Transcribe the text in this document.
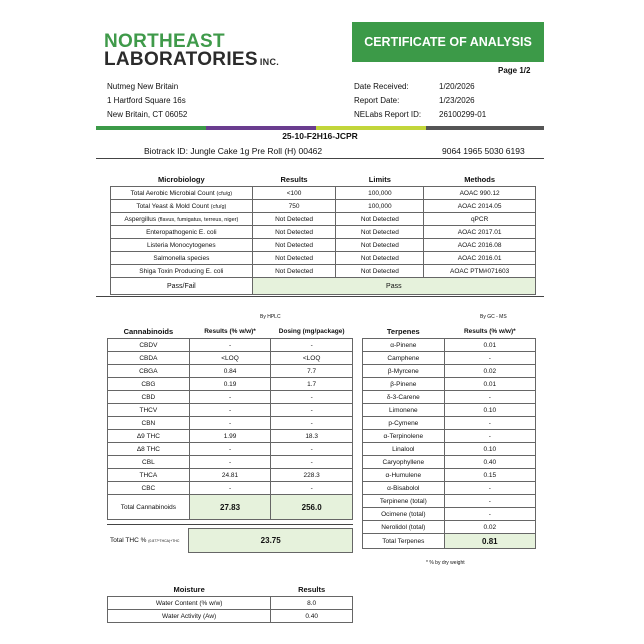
NORTHEAST
LABORATORIES INC.
CERTIFICATE OF ANALYSIS
Page 1/2
Nutmeg New Britain
1 Hartford Square 16s
New Britain, CT 06052
Date Received:	1/20/2026
Report Date:	1/23/2026
NELabs Report ID:	26100299-01
25-10-F2H16-JCPR
Biotrack ID: Jungle Cake 1g Pre Roll (H) 00462	9064 1965 5030 6193
Microbiology	Results	Limits	Methods
Total Aerobic Microbial Count (cfu/g)	<100	100,000	AOAC 990.12
Total Yeast & Mold Count (cfu/g)	750	100,000	AOAC 2014.05
Aspergillus (flavus, fumigatus, terreus, niger)	Not Detected	Not Detected	qPCR
Enteropathogenic E. coli	Not Detected	Not Detected	AOAC 2017.01
Listeria Monocytogenes	Not Detected	Not Detected	AOAC 2016.08
Salmonella species	Not Detected	Not Detected	AOAC 2016.01
Shiga Toxin Producing E. coli	Not Detected	Not Detected	AOAC PTM#071603
Pass/Fail	Pass		
By HPLC
Cannabinoids	Results (% w/w)*	Dosing (mg/package)
CBDV	-	-
CBDA	<LOQ	<LOQ
CBGA	0.84	7.7
CBG	0.19	1.7
CBD	-	-
THCV	-	-
CBN	-	-
Δ9 THC	1.99	18.3
Δ8 THC	-	-
CBL	-	-
THCA	24.81	228.3
CBC	-	-
Total Cannabinoids	27.83	256.0
Total THC % (0.877*THCA)+THC	23.75
By GC - MS
Terpenes	Results (% w/w)*
α-Pinene	0.01
Camphene	-
β-Myrcene	0.02
β-Pinene	0.01
δ-3-Carene	-
Limonene	0.10
p-Cymene	-
α-Terpinolene	-
Linalool	0.10
Caryophyllene	0.40
α-Humulene	0.15
α-Bisabolol	-
Terpinene (total)	-
Ocimene (total)	-
Nerolidol (total)	0.02
Total Terpenes	0.81
* % by dry weight
Moisture	Results
Water Content (% w/w)	8.0
Water Activity (Aw)	0.40
